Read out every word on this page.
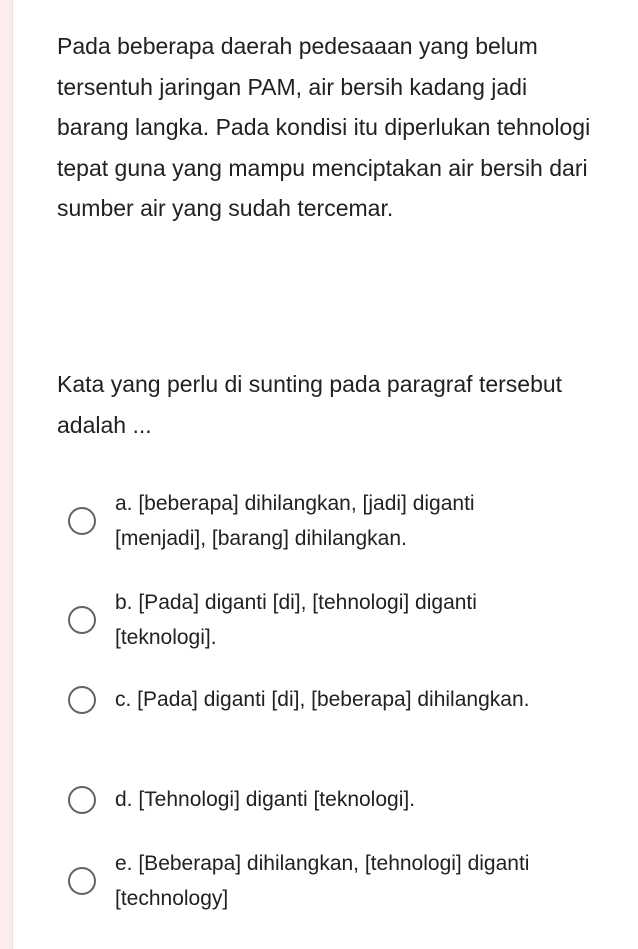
Pada beberapa daerah pedesaaan yang belum tersentuh jaringan PAM, air bersih kadang jadi barang langka. Pada kondisi itu diperlukan tehnologi tepat guna yang mampu menciptakan air bersih dari sumber air yang sudah tercemar.

Kata yang perlu di sunting pada paragraf tersebut adalah ...

a. [beberapa] dihilangkan, [jadi] diganti [menjadi], [barang] dihilangkan.
b. [Pada] diganti [di], [tehnologi] diganti [teknologi].
c. [Pada] diganti [di], [beberapa] dihilangkan.
d. [Tehnologi] diganti [teknologi].
e. [Beberapa] dihilangkan, [tehnologi] diganti [technology]
